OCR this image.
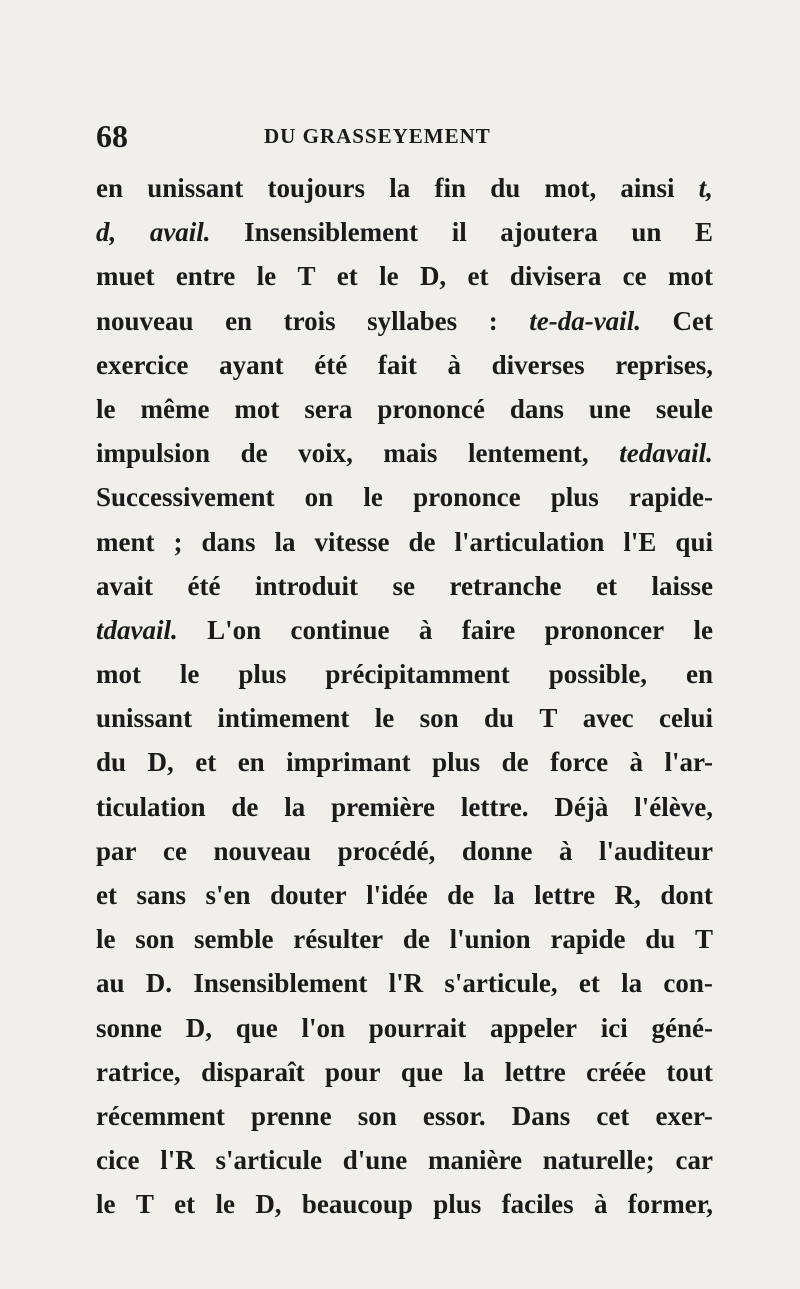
68	DU GRASSEYEMENT
en unissant toujours la fin du mot, ainsi t,
d, avail. Insensiblement il ajoutera un E
muet entre le T et le D, et divisera ce mot
nouveau en trois syllabes : te-da-vail. Cet
exercice ayant été fait à diverses reprises,
le même mot sera prononcé dans une seule
impulsion de voix, mais lentement, tedavail.
Successivement on le prononce plus rapide-
ment ; dans la vitesse de l'articulation l'E qui
avait été introduit se retranche et laisse
tdavail. L'on continue à faire prononcer le
mot le plus précipitamment possible, en
unissant intimement le son du T avec celui
du D, et en imprimant plus de force à l'ar-
ticulation de la première lettre. Déjà l'élève,
par ce nouveau procédé, donne à l'auditeur
et sans s'en douter l'idée de la lettre R, dont
le son semble résulter de l'union rapide du T
au D. Insensiblement l'R s'articule, et la con-
sonne D, que l'on pourrait appeler ici géné-
ratrice, disparaît pour que la lettre créée tout
récemment prenne son essor. Dans cet exer-
cice l'R s'articule d'une manière naturelle; car
le T et le D, beaucoup plus faciles à former,
